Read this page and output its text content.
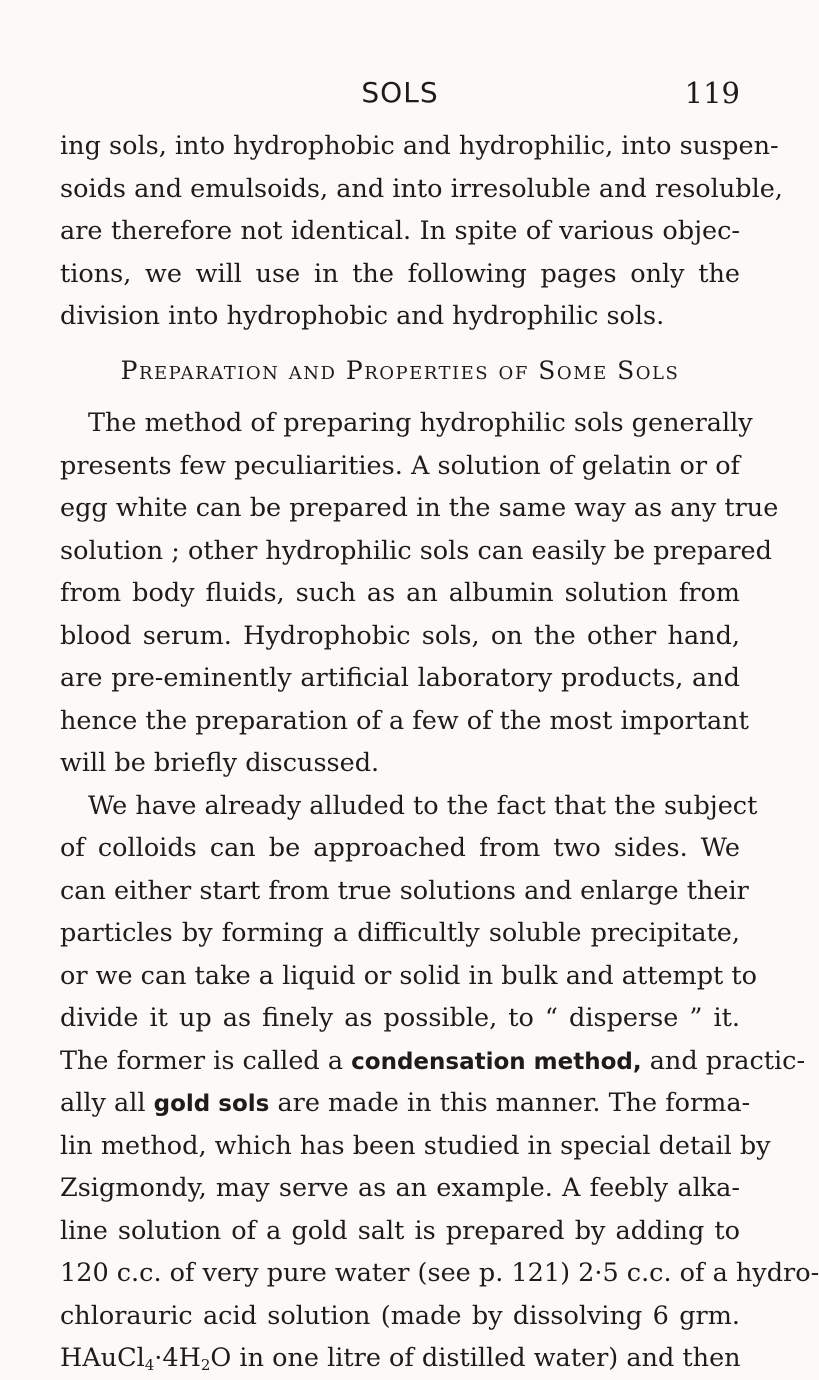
SOLS	119
ing sols, into hydrophobic and hydrophilic, into suspen-
soids and emulsoids, and into irresoluble and resoluble,
are therefore not identical. In spite of various objec-
tions, we will use in the following pages only the
division into hydrophobic and hydrophilic sols.
Preparation and Properties of Some Sols
The method of preparing hydrophilic sols generally
presents few peculiarities. A solution of gelatin or of
egg white can be prepared in the same way as any true
solution ; other hydrophilic sols can easily be prepared
from body fluids, such as an albumin solution from
blood serum. Hydrophobic sols, on the other hand,
are pre-eminently artificial laboratory products, and
hence the preparation of a few of the most important
will be briefly discussed.
We have already alluded to the fact that the subject
of colloids can be approached from two sides. We
can either start from true solutions and enlarge their
particles by forming a difficultly soluble precipitate,
or we can take a liquid or solid in bulk and attempt to
divide it up as finely as possible, to “ disperse ” it.
The former is called a condensation method, and practic-
ally all gold sols are made in this manner. The forma-
lin method, which has been studied in special detail by
Zsigmondy, may serve as an example. A feebly alka-
line solution of a gold salt is prepared by adding to
120 c.c. of very pure water (see p. 121) 2·5 c.c. of a hydro-
chlorauric acid solution (made by dissolving 6 grm.
$HAuCl_4\cdot 4H_2O$ in one litre of distilled water) and then
